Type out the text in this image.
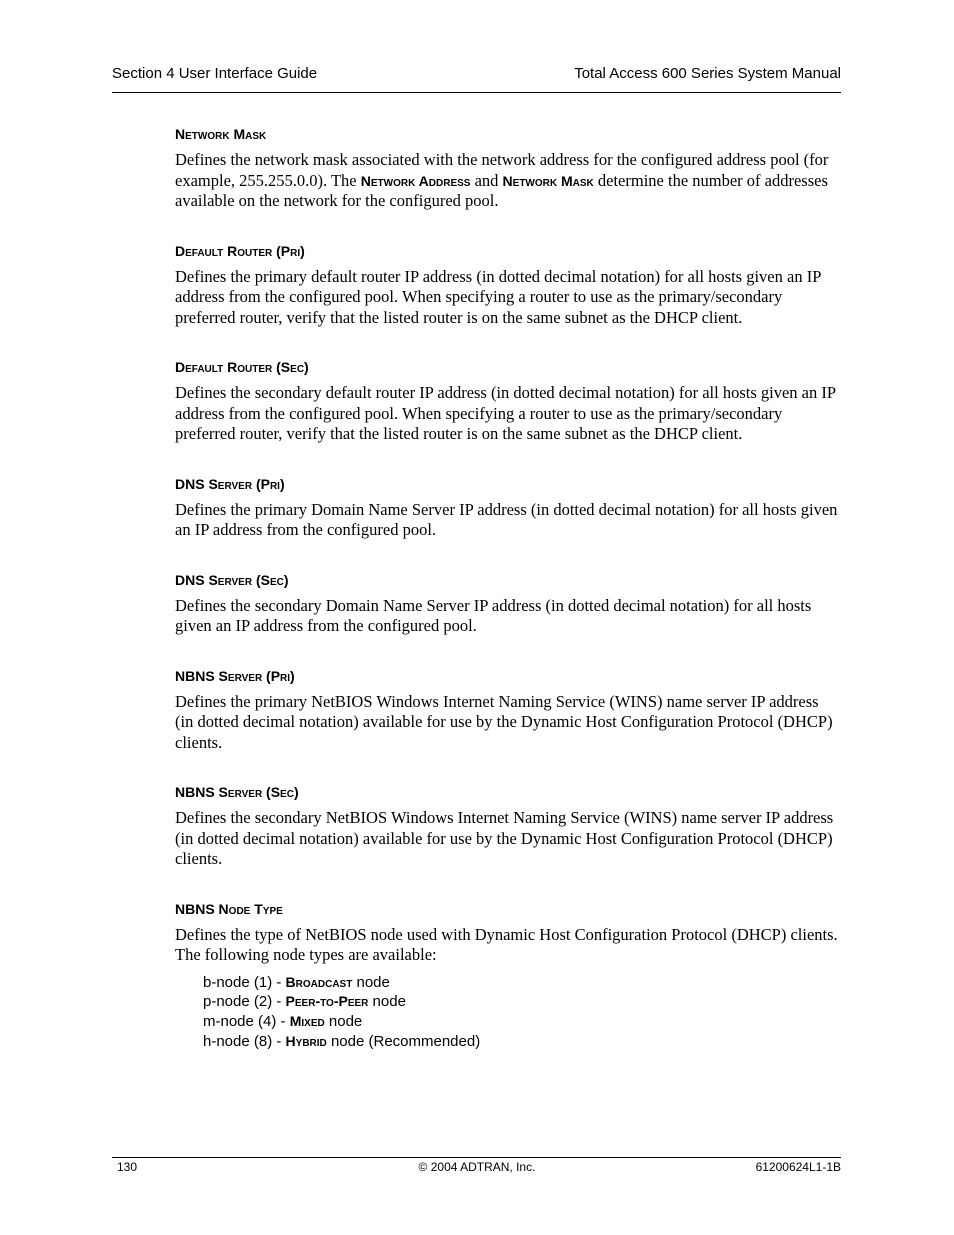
Section 4 User Interface Guide	Total Access 600 Series System Manual
Network Mask

Defines the network mask associated with the network address for the configured address pool (for example, 255.255.0.0). The Network Address and Network Mask determine the number of addresses available on the network for the configured pool.

Default Router (Pri)

Defines the primary default router IP address (in dotted decimal notation) for all hosts given an IP address from the configured pool. When specifying a router to use as the primary/secondary preferred router, verify that the listed router is on the same subnet as the DHCP client.

Default Router (Sec)

Defines the secondary default router IP address (in dotted decimal notation) for all hosts given an IP address from the configured pool. When specifying a router to use as the primary/secondary preferred router, verify that the listed router is on the same subnet as the DHCP client.

DNS Server (Pri)

Defines the primary Domain Name Server IP address (in dotted decimal notation) for all hosts given an IP address from the configured pool.

DNS Server (Sec)

Defines the secondary Domain Name Server IP address (in dotted decimal notation) for all hosts given an IP address from the configured pool.

NBNS Server (Pri)

Defines the primary NetBIOS Windows Internet Naming Service (WINS) name server IP address (in dotted decimal notation) available for use by the Dynamic Host Configuration Protocol (DHCP) clients.

NBNS Server (Sec)

Defines the secondary NetBIOS Windows Internet Naming Service (WINS) name server IP address (in dotted decimal notation) available for use by the Dynamic Host Configuration Protocol (DHCP) clients.

NBNS Node Type

Defines the type of NetBIOS node used with Dynamic Host Configuration Protocol (DHCP) clients. The following node types are available:

b-node (1) - Broadcast node
p-node (2) - Peer-to-Peer node
m-node (4) - Mixed node
h-node (8) - Hybrid node (Recommended)
130	© 2004 ADTRAN, Inc.	61200624L1-1B
